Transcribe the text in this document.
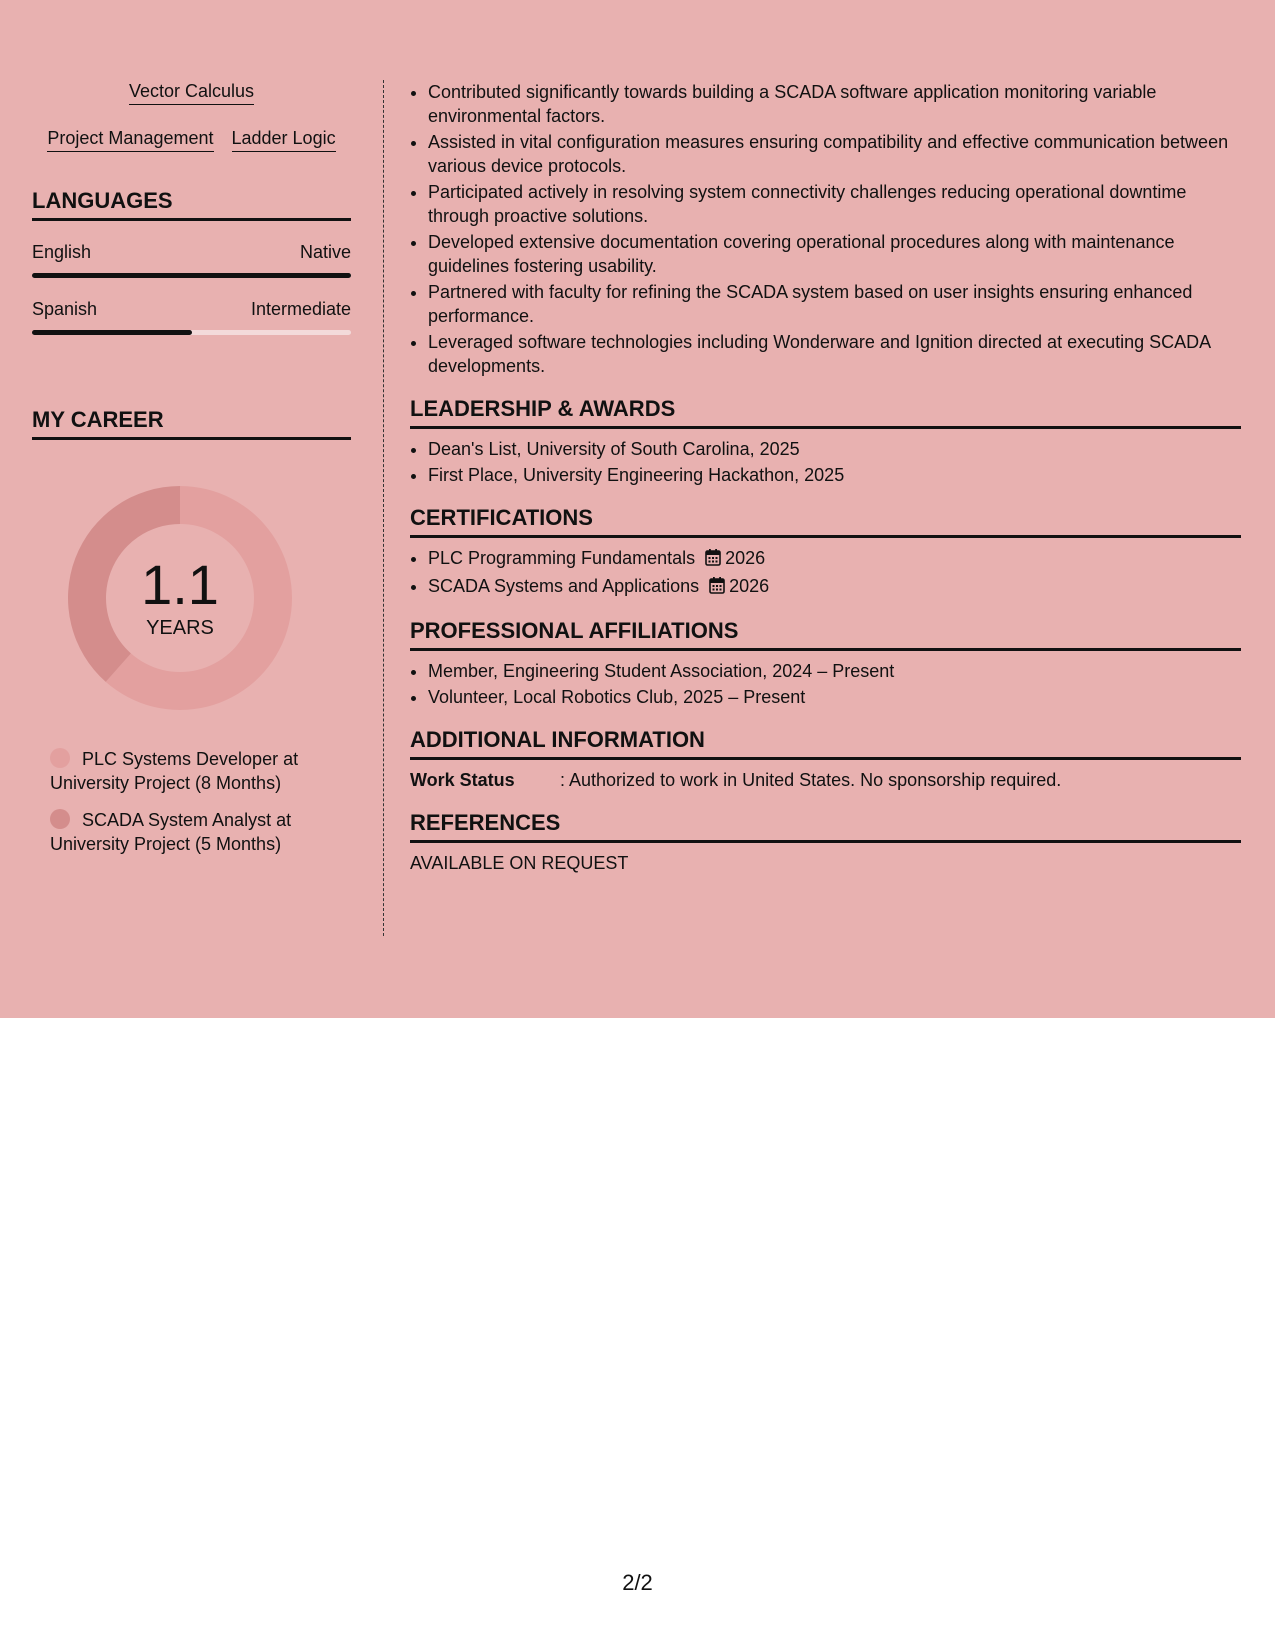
Vector Calculus
Project Management Ladder Logic
LANGUAGES
English	Native
Spanish	Intermediate
MY CAREER
1.1
YEARS
PLC Systems Developer at University Project (8 Months)
SCADA System Analyst at University Project (5 Months)
• Contributed significantly towards building a SCADA software application monitoring variable environmental factors.
• Assisted in vital configuration measures ensuring compatibility and effective communication between various device protocols.
• Participated actively in resolving system connectivity challenges reducing operational downtime through proactive solutions.
• Developed extensive documentation covering operational procedures along with maintenance guidelines fostering usability.
• Partnered with faculty for refining the SCADA system based on user insights ensuring enhanced performance.
• Leveraged software technologies including Wonderware and Ignition directed at executing SCADA developments.
LEADERSHIP & AWARDS
• Dean's List, University of South Carolina, 2025
• First Place, University Engineering Hackathon, 2025
CERTIFICATIONS
• PLC Programming Fundamentals 2026
• SCADA Systems and Applications 2026
PROFESSIONAL AFFILIATIONS
• Member, Engineering Student Association, 2024 – Present
• Volunteer, Local Robotics Club, 2025 – Present
ADDITIONAL INFORMATION
Work Status	: Authorized to work in United States. No sponsorship required.
REFERENCES
AVAILABLE ON REQUEST
2/2
